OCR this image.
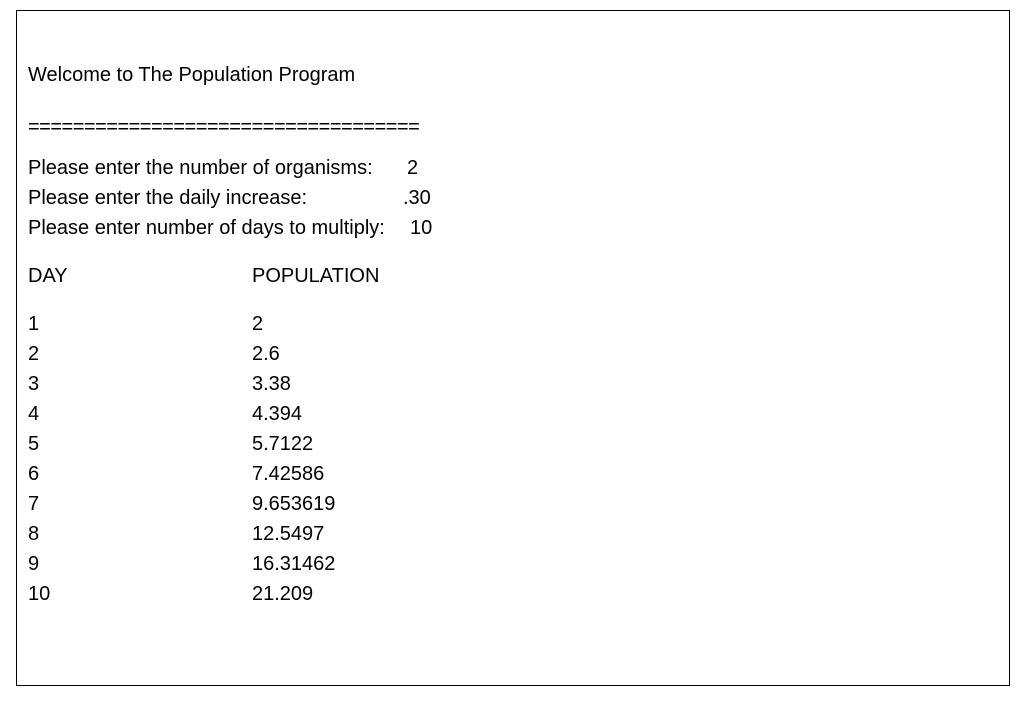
Welcome to The Population Program
===================================
Please enter the number of organisms: 2
Please enter the daily increase:	.30
Please enter number of days to multiply: 10
DAY	POPULATION
1	2
2	2.6
3	3.38
4	4.394
5	5.7122
6	7.42586
7	9.653619
8	12.5497
9	16.31462
10	21.209
